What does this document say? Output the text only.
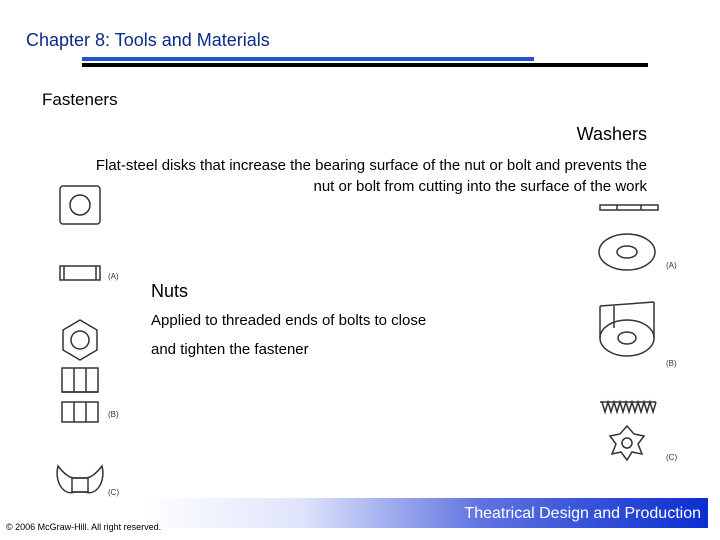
Chapter 8: Tools and Materials
Fasteners
Washers
Flat-steel disks that increase the bearing surface of the nut or bolt and prevents the nut or bolt from cutting into the surface of the work
Nuts
Applied to threaded ends of bolts to close
and tighten the fastener
(A)
(B)
(C)
(A)
(B)
(C)
Theatrical Design and Production
© 2006 McGraw-Hill. All right reserved.
